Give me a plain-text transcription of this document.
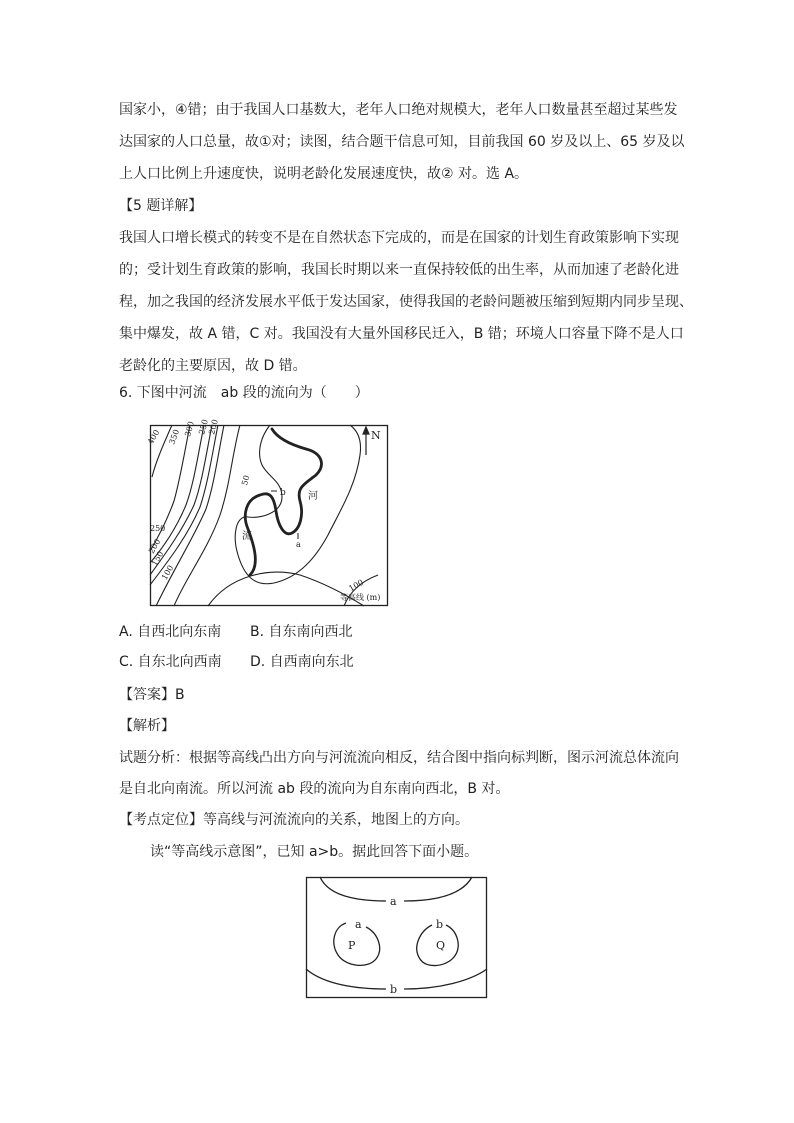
国家小，④错；由于我国人口基数大，老年人口绝对规模大，老年人口数量甚至超过某些发
达国家的人口总量，故①对；读图，结合题干信息可知，目前我国 60 岁及以上、65 岁及以
上人口比例上升速度快，说明老龄化发展速度快，故② 对。选 A。
【5 题详解】
我国人口增长模式的转变不是在自然状态下完成的，而是在国家的计划生育政策影响下实现
的；受计划生育政策的影响，我国长时期以来一直保持较低的出生率，从而加速了老龄化进
程，加之我国的经济发展水平低于发达国家，使得我国的老龄问题被压缩到短期内同步呈现、
集中爆发，故 A 错，C 对。我国没有大量外国移民迁入，B 错；环境人口容量下降不是人口
老龄化的主要原因，故 D 错。
6. 下图中河流　ab 段的流向为（　　）
N
400 350 300 250
200
250
200
150
100
50
100
河
流
b
a
等高线 (m)
A. 自西北向东南 B. 自东南向西北
C. 自东北向西南 D. 自西南向东北
【答案】B
【解析】
试题分析：根据等高线凸出方向与河流流向相反，结合图中指向标判断，图示河流总体流向
是自北向南流。所以河流 ab 段的流向为自东南向西北，B 对。
【考点定位】等高线与河流流向的关系，地图上的方向。
读“等高线示意图”，已知 a>b。据此回答下面小题。
a
a	b
b
P	Q
